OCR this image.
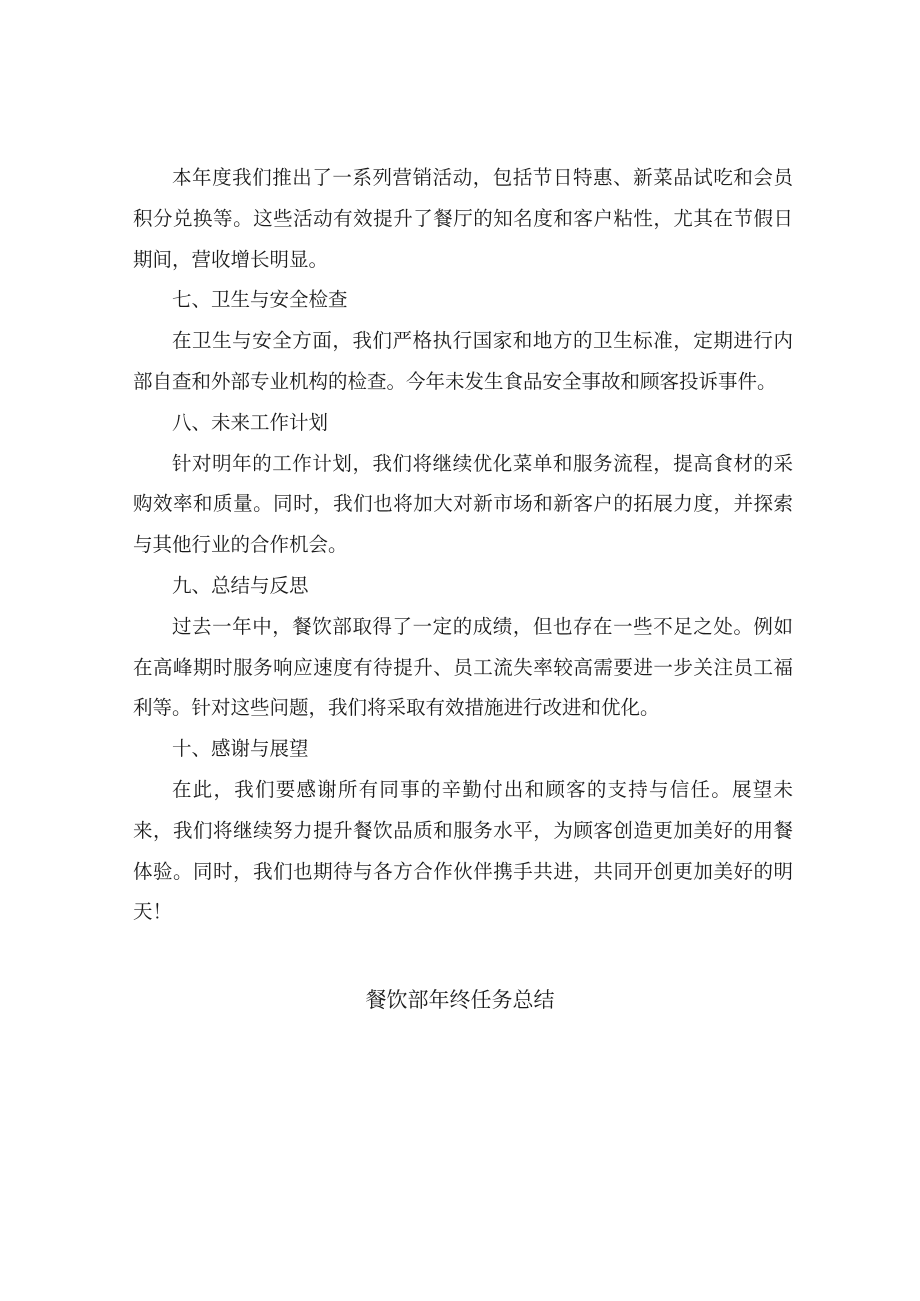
本年度我们推出了一系列营销活动，包括节日特惠、新菜品试吃和会员积分兑换等。这些活动有效提升了餐厅的知名度和客户粘性，尤其在节假日期间，营收增长明显。

七、卫生与安全检查

在卫生与安全方面，我们严格执行国家和地方的卫生标准，定期进行内部自查和外部专业机构的检查。今年未发生食品安全事故和顾客投诉事件。

八、未来工作计划

针对明年的工作计划，我们将继续优化菜单和服务流程，提高食材的采购效率和质量。同时，我们也将加大对新市场和新客户的拓展力度，并探索与其他行业的合作机会。

九、总结与反思

过去一年中，餐饮部取得了一定的成绩，但也存在一些不足之处。例如在高峰期时服务响应速度有待提升、员工流失率较高需要进一步关注员工福利等。针对这些问题，我们将采取有效措施进行改进和优化。

十、感谢与展望

在此，我们要感谢所有同事的辛勤付出和顾客的支持与信任。展望未来，我们将继续努力提升餐饮品质和服务水平，为顾客创造更加美好的用餐体验。同时，我们也期待与各方合作伙伴携手共进，共同开创更加美好的明天！

餐饮部年终任务总结
